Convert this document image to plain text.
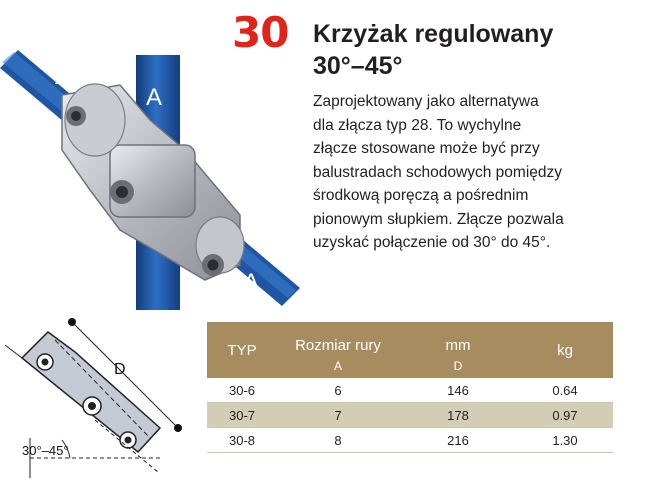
A
A
A
30 Krzyżak regulowany
30°–45°
Zaprojektowany jako alternatywa
dla złącza typ 28. To wychylne
złącze stosowane może być przy
balustradach schodowych pomiędzy
środkową poręczą a pośrednim
pionowym słupkiem. Złącze pozwala
uzyskać połączenie od 30° do 45°.
D
30°–45°
TYP	Rozmiar rury	mm	kg
	A	D	
30-6	6	146	0.64
30-7	7	178	0.97
30-8	8	216	1.30
